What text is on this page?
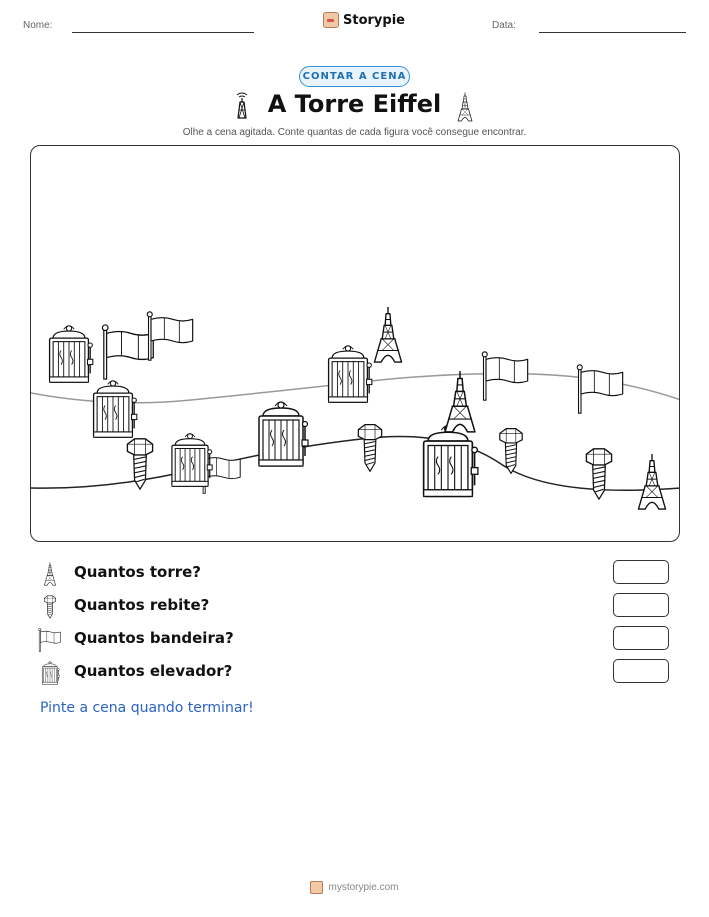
Nome:	Storypie	Data:
CONTAR A CENA
A Torre Eiffel
Olhe a cena agitada. Conte quantas de cada figura você consegue encontrar.
Quantos torre?
Quantos rebite?
Quantos bandeira?
Quantos elevador?
Pinte a cena quando terminar!
mystorypie.com
